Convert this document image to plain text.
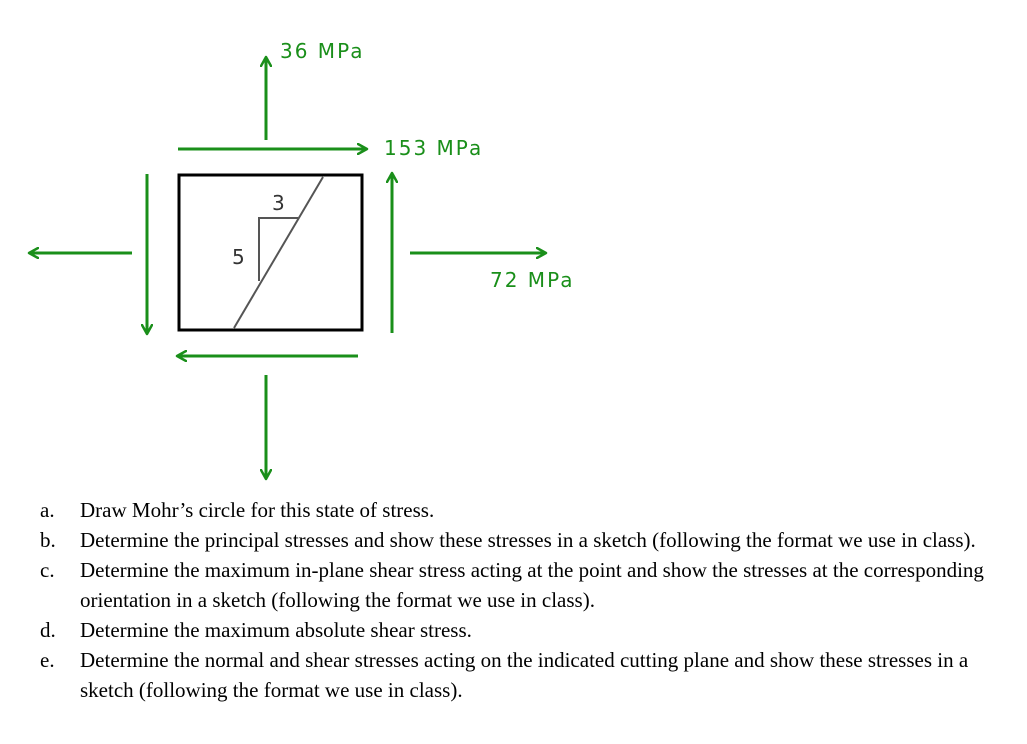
3
5
36 MPa
153 MPa
72 MPa
a. Draw Mohr’s circle for this state of stress.
b. Determine the principal stresses and show these stresses in a sketch (following the format we use in class).
c. Determine the maximum in-plane shear stress acting at the point and show the stresses at the corresponding orientation in a sketch (following the format we use in class).
d. Determine the maximum absolute shear stress.
e. Determine the normal and shear stresses acting on the indicated cutting plane and show these stresses in a sketch (following the format we use in class).
